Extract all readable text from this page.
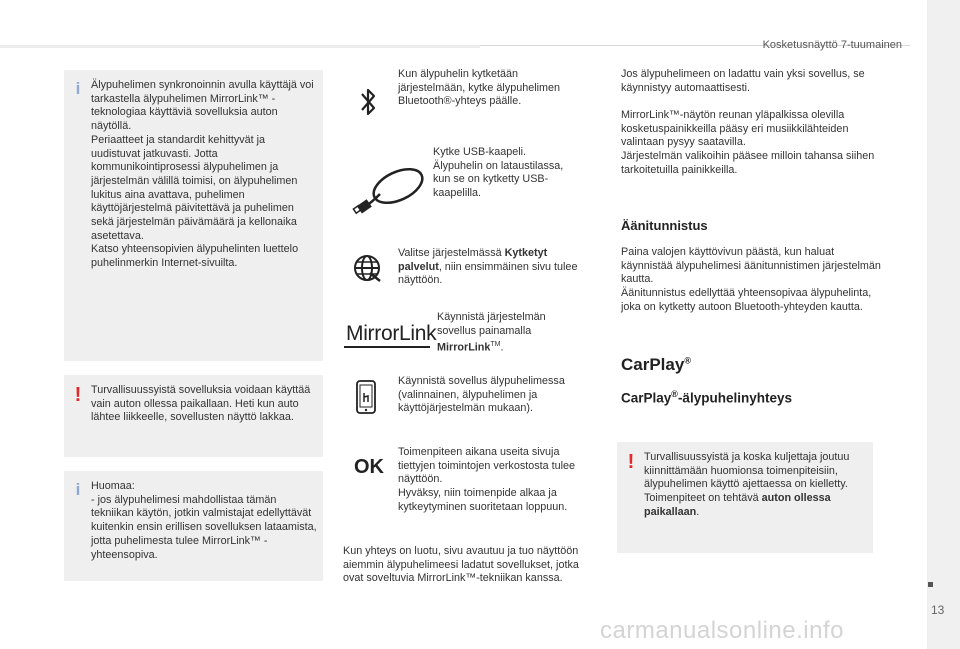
Kosketusnäyttö 7-tuumainen
13
carmanualsonline.info
i Älypuhelimen synkronoinnin avulla käyttäjä voi tarkastella älypuhelimen MirrorLink™ -teknologiaa käyttäviä sovelluksia auton näytöllä.
Periaatteet ja standardit kehittyvät ja uudistuvat jatkuvasti. Jotta kommunikointiprosessi älypuhelimen ja järjestelmän välillä toimisi, on älypuhelimen lukitus aina avattava, puhelimen käyttöjärjestelmä päivitettävä ja puhelimen sekä järjestelmän päivämäärä ja kellonaika asetettava.
Katso yhteensopivien älypuhelinten luettelo puhelinmerkin Internet-sivuilta.
! Turvallisuussyistä sovelluksia voidaan käyttää vain auton ollessa paikallaan. Heti kun auto lähtee liikkeelle, sovellusten näyttö lakkaa.
i Huomaa:
- jos älypuhelimesi mahdollistaa tämän tekniikan käytön, jotkin valmistajat edellyttävät kuitenkin ensin erillisen sovelluksen lataamista, jotta puhelimesta tulee MirrorLink™ -yhteensopiva.
Kun älypuhelin kytketään järjestelmään, kytke älypuhelimen Bluetooth®-yhteys päälle.
Kytke USB-kaapeli.
Älypuhelin on lataustilassa, kun se on kytketty USB-kaapelilla.
Valitse järjestelmässä Kytketyt palvelut, niin ensimmäinen sivu tulee näyttöön.
MirrorLink
Käynnistä järjestelmän sovellus painamalla MirrorLink™.
Käynnistä sovellus älypuhelimessa (valinnainen, älypuhelimen ja käyttöjärjestelmän mukaan).
OK
Toimenpiteen aikana useita sivuja tiettyjen toimintojen verkostosta tulee näyttöön.
Hyväksy, niin toimenpide alkaa ja kytkeytyminen suoritetaan loppuun.
Kun yhteys on luotu, sivu avautuu ja tuo näyttöön aiemmin älypuhelimeesi ladatut sovellukset, jotka ovat soveltuvia MirrorLink™-tekniikan kanssa.
Jos älypuhelimeen on ladattu vain yksi sovellus, se käynnistyy automaattisesti.
MirrorLink™-näytön reunan yläpalkissa olevilla kosketuspainikkeilla pääsy eri musiikkilähteiden valintaan pysyy saatavilla.
Järjestelmän valikoihin pääsee milloin tahansa siihen tarkoitetuilla painikkeilla.
Äänitunnistus
Paina valojen käyttövivun päästä, kun haluat käynnistää älypuhelimesi äänitunnistimen järjestelmän kautta.
Äänitunnistus edellyttää yhteensopivaa älypuhelinta, joka on kytketty autoon Bluetooth-yhteyden kautta.
CarPlay®
CarPlay®-älypuhelinyhteys
! Turvallisuussyistä ja koska kuljettaja joutuu kiinnittämään huomionsa toimenpiteisiin, älypuhelimen käyttö ajettaessa on kielletty.
Toimenpiteet on tehtävä auton ollessa paikallaan.
